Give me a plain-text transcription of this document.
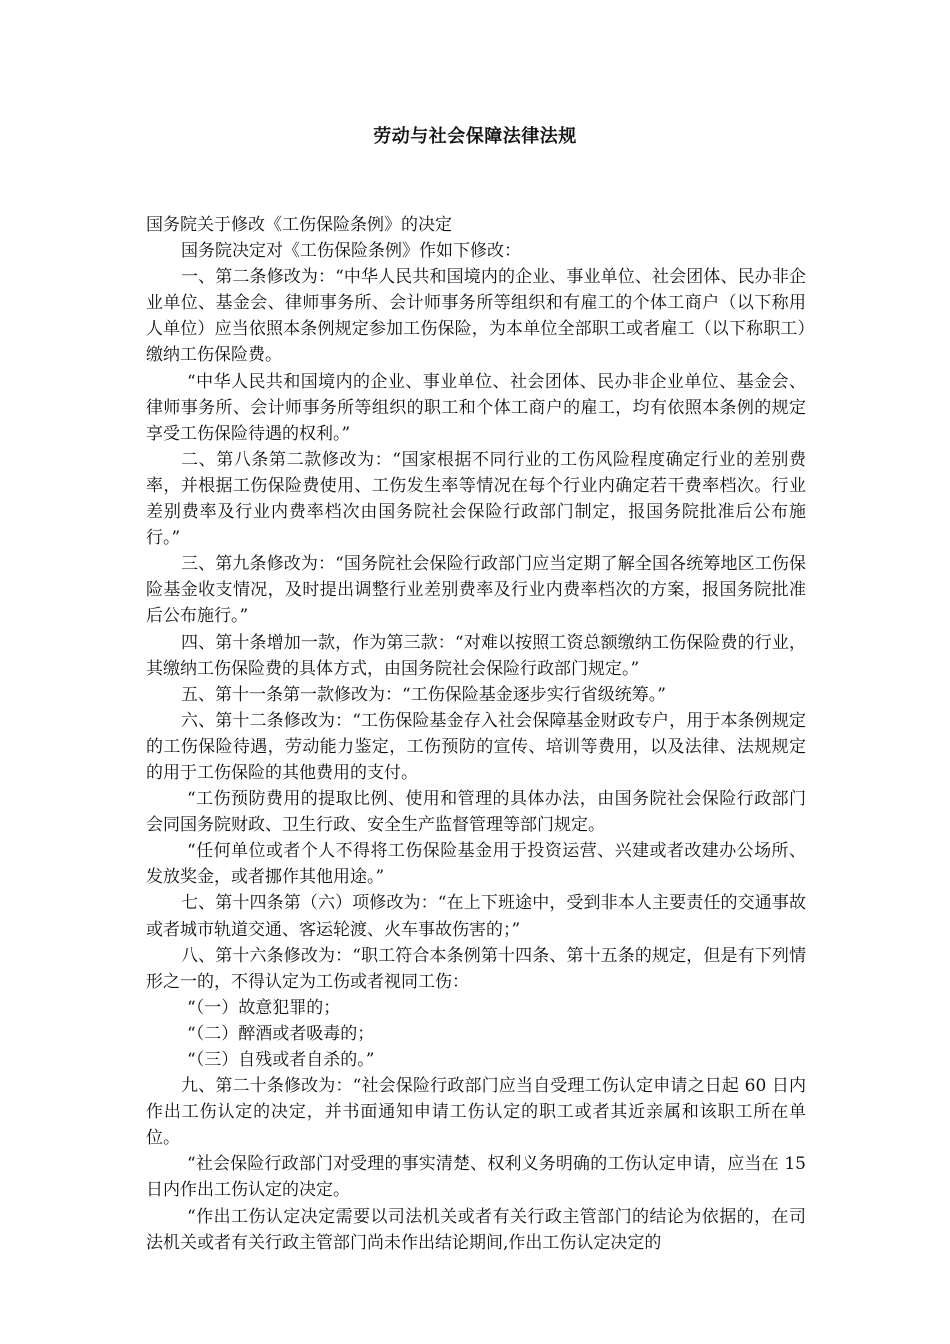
劳动与社会保障法律法规

国务院关于修改《工伤保险条例》的决定

国务院决定对《工伤保险条例》作如下修改：

一、第二条修改为：“中华人民共和国境内的企业、事业单位、社会团体、民办非企业单位、基金会、律师事务所、会计师事务所等组织和有雇工的个体工商户（以下称用人单位）应当依照本条例规定参加工伤保险，为本单位全部职工或者雇工（以下称职工）缴纳工伤保险费。

“中华人民共和国境内的企业、事业单位、社会团体、民办非企业单位、基金会、律师事务所、会计师事务所等组织的职工和个体工商户的雇工，均有依照本条例的规定享受工伤保险待遇的权利。”

二、第八条第二款修改为：“国家根据不同行业的工伤风险程度确定行业的差别费率，并根据工伤保险费使用、工伤发生率等情况在每个行业内确定若干费率档次。行业差别费率及行业内费率档次由国务院社会保险行政部门制定，报国务院批准后公布施行。”

三、第九条修改为：“国务院社会保险行政部门应当定期了解全国各统筹地区工伤保险基金收支情况，及时提出调整行业差别费率及行业内费率档次的方案，报国务院批准后公布施行。”

四、第十条增加一款，作为第三款：“对难以按照工资总额缴纳工伤保险费的行业，其缴纳工伤保险费的具体方式，由国务院社会保险行政部门规定。”

五、第十一条第一款修改为：“工伤保险基金逐步实行省级统筹。”

六、第十二条修改为：“工伤保险基金存入社会保障基金财政专户，用于本条例规定的工伤保险待遇，劳动能力鉴定，工伤预防的宣传、培训等费用，以及法律、法规规定的用于工伤保险的其他费用的支付。

“工伤预防费用的提取比例、使用和管理的具体办法，由国务院社会保险行政部门会同国务院财政、卫生行政、安全生产监督管理等部门规定。

“任何单位或者个人不得将工伤保险基金用于投资运营、兴建或者改建办公场所、发放奖金，或者挪作其他用途。”

七、第十四条第（六）项修改为：“在上下班途中，受到非本人主要责任的交通事故或者城市轨道交通、客运轮渡、火车事故伤害的；”

八、第十六条修改为：“职工符合本条例第十四条、第十五条的规定，但是有下列情形之一的，不得认定为工伤或者视同工伤：

“（一）故意犯罪的；

“（二）醉酒或者吸毒的；

“（三）自残或者自杀的。”

九、第二十条修改为：“社会保险行政部门应当自受理工伤认定申请之日起 60 日内作出工伤认定的决定，并书面通知申请工伤认定的职工或者其近亲属和该职工所在单位。

“社会保险行政部门对受理的事实清楚、权利义务明确的工伤认定申请，应当在 15 日内作出工伤认定的决定。

“作出工伤认定决定需要以司法机关或者有关行政主管部门的结论为依据的，在司法机关或者有关行政主管部门尚未作出结论期间,作出工伤认定决定的
